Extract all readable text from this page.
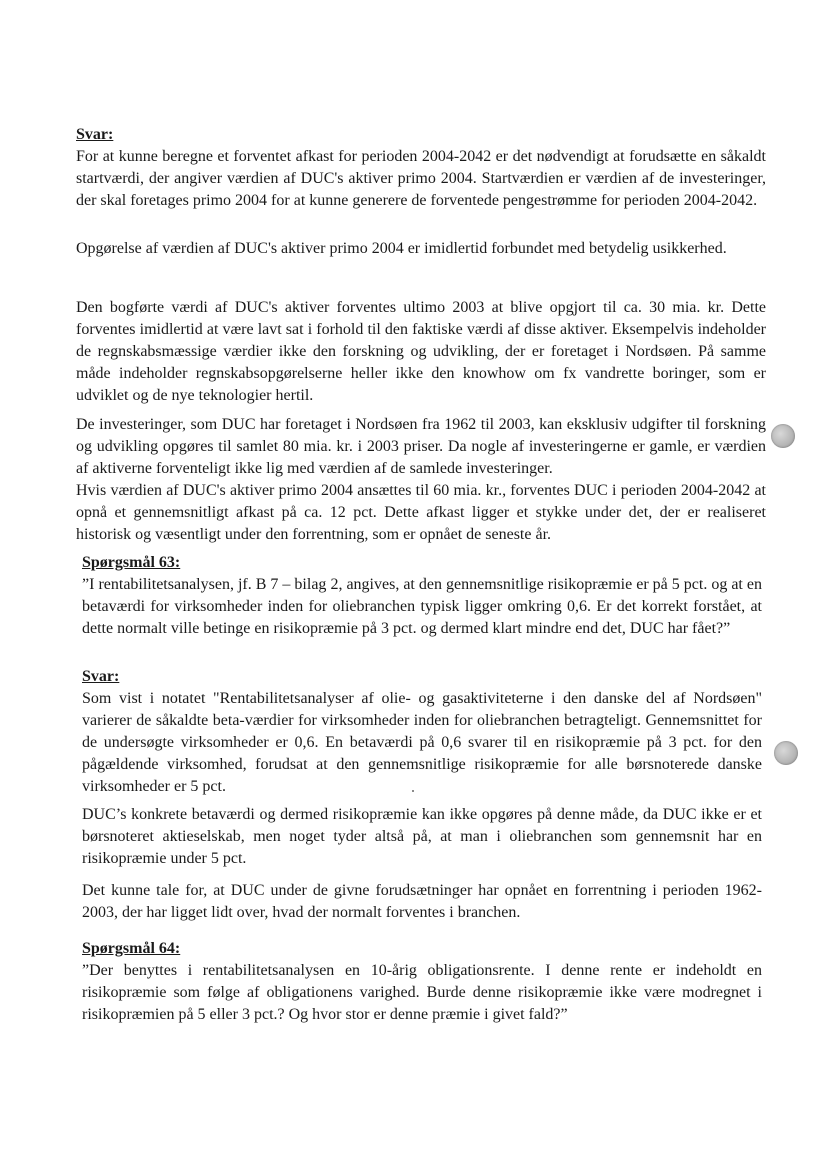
Svar:

For at kunne beregne et forventet afkast for perioden 2004-2042 er det nødvendigt at forudsætte en såkaldt startværdi, der angiver værdien af DUC's aktiver primo 2004. Startværdien er værdien af de investeringer, der skal foretages primo 2004 for at kunne generere de forventede pengestrømme for perioden 2004-2042.

Opgørelse af værdien af DUC's aktiver primo 2004 er imidlertid forbundet med betydelig usikkerhed.

Den bogførte værdi af DUC's aktiver forventes ultimo 2003 at blive opgjort til ca. 30 mia. kr. Dette forventes imidlertid at være lavt sat i forhold til den faktiske værdi af disse aktiver. Eksempelvis indeholder de regnskabsmæssige værdier ikke den forskning og udvikling, der er foretaget i Nordsøen. På samme måde indeholder regnskabsopgørelserne heller ikke den knowhow om fx vandrette boringer, som er udviklet og de nye teknologier hertil.

De investeringer, som DUC har foretaget i Nordsøen fra 1962 til 2003, kan eksklusiv udgifter til forskning og udvikling opgøres til samlet 80 mia. kr. i 2003 priser. Da nogle af investeringerne er gamle, er værdien af aktiverne forventeligt ikke lig med værdien af de samlede investeringer.

Hvis værdien af DUC's aktiver primo 2004 ansættes til 60 mia. kr., forventes DUC i perioden 2004-2042 at opnå et gennemsnitligt afkast på ca. 12 pct. Dette afkast ligger et stykke under det, der er realiseret historisk og væsentligt under den forrentning, som er opnået de seneste år.

Spørgsmål 63:

”I rentabilitetsanalysen, jf. B 7 – bilag 2, angives, at den gennemsnitlige risikopræmie er på 5 pct. og at en betaværdi for virksomheder inden for oliebranchen typisk ligger omkring 0,6. Er det korrekt forstået, at dette normalt ville betinge en risikopræmie på 3 pct. og dermed klart mindre end det, DUC har fået?”

Svar:

Som vist i notatet "Rentabilitetsanalyser af olie- og gasaktiviteterne i den danske del af Nordsøen" varierer de såkaldte beta-værdier for virksomheder inden for oliebranchen betragteligt. Gennemsnittet for de undersøgte virksomheder er 0,6. En betaværdi på 0,6 svarer til en risikopræmie på 3 pct. for den pågældende virksomhed, forudsat at den gennemsnitlige risikopræmie for alle børsnoterede danske virksomheder er 5 pct.

DUC’s konkrete betaværdi og dermed risikopræmie kan ikke opgøres på denne måde, da DUC ikke er et børsnoteret aktieselskab, men noget tyder altså på, at man i oliebranchen som gennemsnit har en risikopræmie under 5 pct.

Det kunne tale for, at DUC under de givne forudsætninger har opnået en forrentning i perioden 1962-2003, der har ligget lidt over, hvad der normalt forventes i branchen.

Spørgsmål 64:

”Der benyttes i rentabilitetsanalysen en 10-årig obligationsrente. I denne rente er indeholdt en risikopræmie som følge af obligationens varighed. Burde denne risikopræmie ikke være modregnet i risikopræmien på 5 eller 3 pct.? Og hvor stor er denne præmie i givet fald?”
